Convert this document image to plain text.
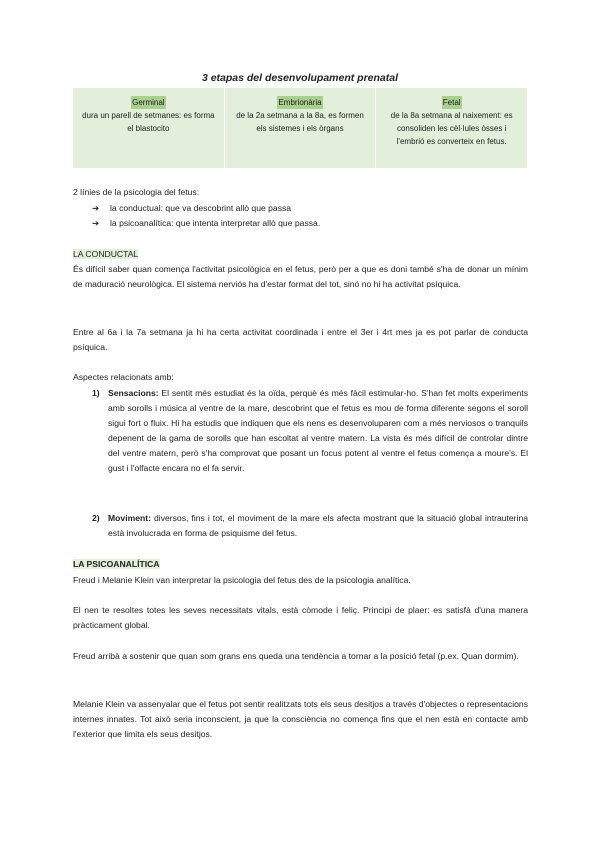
3 etapas del desenvolupament prenatal
Germinal
dura un parell de setmanes: es forma el blastocito
Embrionària
de la 2a setmana a la 8a, es formen els sistemes i els òrgans
Fetal
de la 8a setmana al naixement: es consoliden les cèl·lules òsses i l'embrió es converteix en fetus.
2 línies de la psicologia del fetus:
➔ la conductual: que va descobrint allò que passa
➔ la psicoanalítica: que intenta interpretar allò que passa.
LA CONDUCTAL
És difícil saber quan comença l'activitat psicològica en el fetus, però per a que es doni també s'ha de donar un mínim de maduració neurològica. El sistema nerviós ha d'estar format del tot, sinó no hi ha activitat psíquica.
Entre al 6a i la 7a setmana ja hi ha certa activitat coordinada i entre el 3er i 4rt mes ja es pot parlar de conducta psíquica.
Aspectes relacionats amb:
1) Sensacions: El sentit més estudiat és la oïda, perquè és més fàcil estimular-ho. S'han fet molts experiments amb sorolls i música al ventre de la mare, descobrint que el fetus es mou de forma diferente segons el soroll sigui fort o fluix. Hi ha estudis que indiquen que els nens es desenvoluparen com a més nerviosos o tranquils depenent de la gama de sorolls que han escoltat al ventre matern. La vista és més difícil de controlar dintre del ventre matern, però s'ha comprovat que posant un focus potent al ventre el fetus comença a moure's. El gust i l'olfacte encara no el fa servir.
2) Moviment: diversos, fins i tot, el moviment de la mare els afecta mostrant que la situació global intrauterina està involucrada en forma de psiquisme del fetus.
LA PSICOANALÍTICA
Freud i Melanie Klein van interpretar la psicologia del fetus des de la psicologia analítica.
El nen te resoltes totes les seves necessitats vitals, està còmode i feliç. Principi de plaer: es satisfà d'una manera pràcticament global.
Freud arribà a sostenir que quan som grans ens queda una tendència a tornar a la posició fetal (p.ex. Quan dormim).
Melanie Klein va assenyalar que el fetus pot sentir realitzats tots els seus desitjos a través d'objectes o representacions internes innates. Tot això seria inconscient, ja que la consciència no comença fins que el nen està en contacte amb l'exterior que limita els seus desitjos.
